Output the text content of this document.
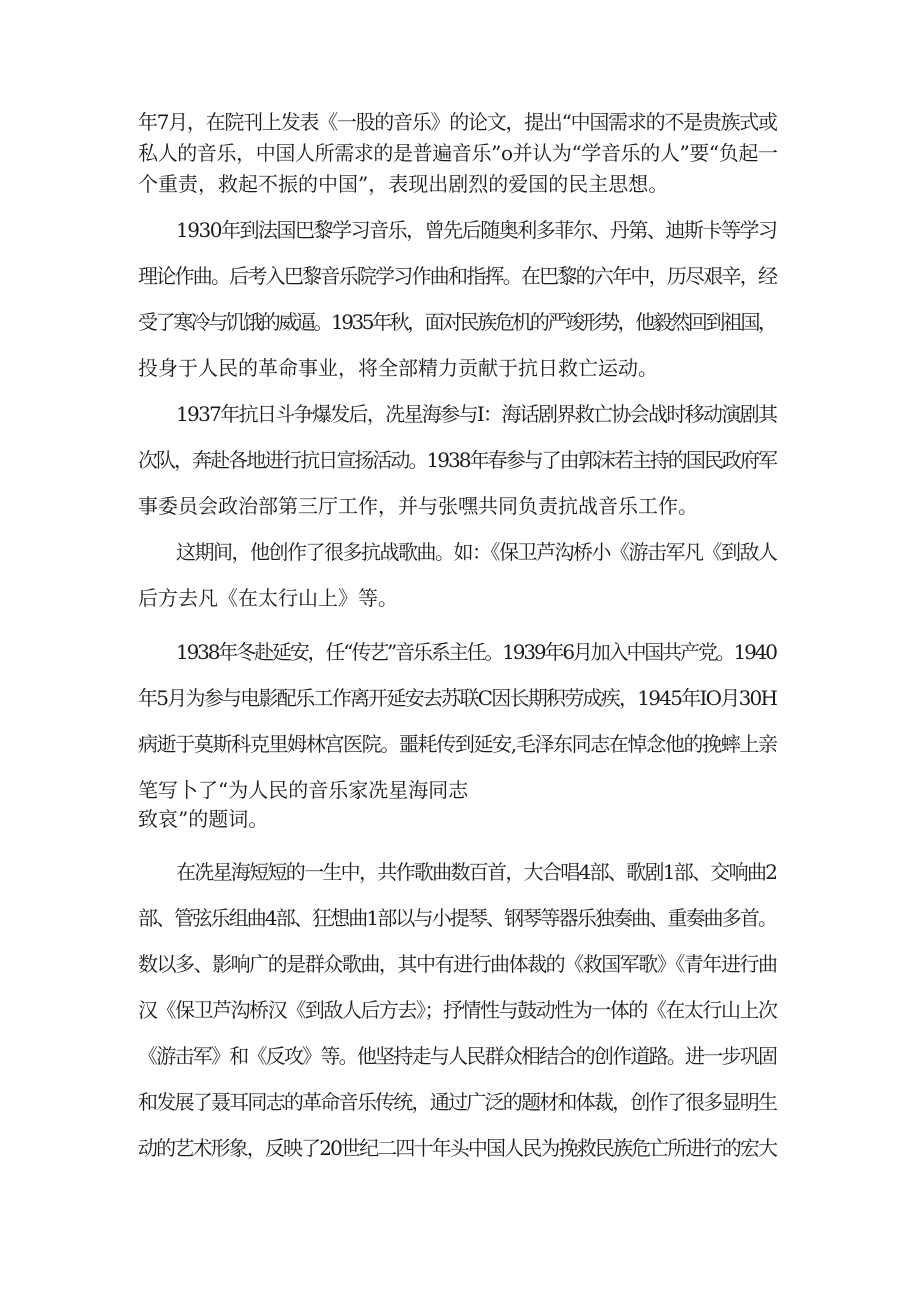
年7月，在院刊上发表《一股的音乐》的论文，提出“中国需求的不是贵族式或
私人的音乐，中国人所需求的是普遍音乐”o并认为“学音乐的人”要“负起一
个重责，救起不振的中国”，表现出剧烈的爱国的民主思想。
1930年到法国巴黎学习音乐，曾先后随奥利多菲尔、丹第、迪斯卡等学习
理论作曲。后考入巴黎音乐院学习作曲和指挥。在巴黎的六年中，历尽艰辛，经
受了寒冷与饥饿的威逼。1935年秋，面对民族危机的严竣形势，他毅然回到祖国，
投身于人民的革命事业，将全部精力贡献于抗日救亡运动。
1937年抗日斗争爆发后，冼星海参与I：海话剧界救亡协会战时移动演剧其
次队，奔赴各地进行抗日宣扬活动。1938年春参与了由郭沫若主持的国民政府军
事委员会政治部第三厅工作，并与张嘿共同负责抗战音乐工作。
这期间，他创作了很多抗战歌曲。如：《保卫芦沟桥小《游击军凡《到敌人
后方去凡《在太行山上》等。
1938年冬赴延安，任“传艺”音乐系主任。1939年6月加入中国共产党。1940
年5月为参与电影配乐工作离开延安去苏联C因长期积劳成疾，1945年IO月30H
病逝于莫斯科克里姆林宫医院。噩耗传到延安,毛泽东同志在悼念他的挽蟀上亲
笔写卜了“为人民的音乐家冼星海同志
致哀”的题词。
在冼星海短短的一生中，共作歌曲数百首，大合唱4部、歌剧1部、交响曲2
部、管弦乐组曲4部、狂想曲1部以与小提琴、钢琴等器乐独奏曲、重奏曲多首。
数以多、影响广的是群众歌曲，其中有进行曲体裁的《救国军歌》《青年进行曲
汉《保卫芦沟桥汉《到敌人后方去》；抒情性与鼓动性为一体的《在太行山上次
《游击军》和《反攻》等。他坚持走与人民群众相结合的创作道路。进一步巩固
和发展了聂耳同志的革命音乐传统，通过广泛的题材和体裁，创作了很多显明生
动的艺术形象，反映了20世纪二四十年头中国人民为挽救民族危亡所进行的宏大
